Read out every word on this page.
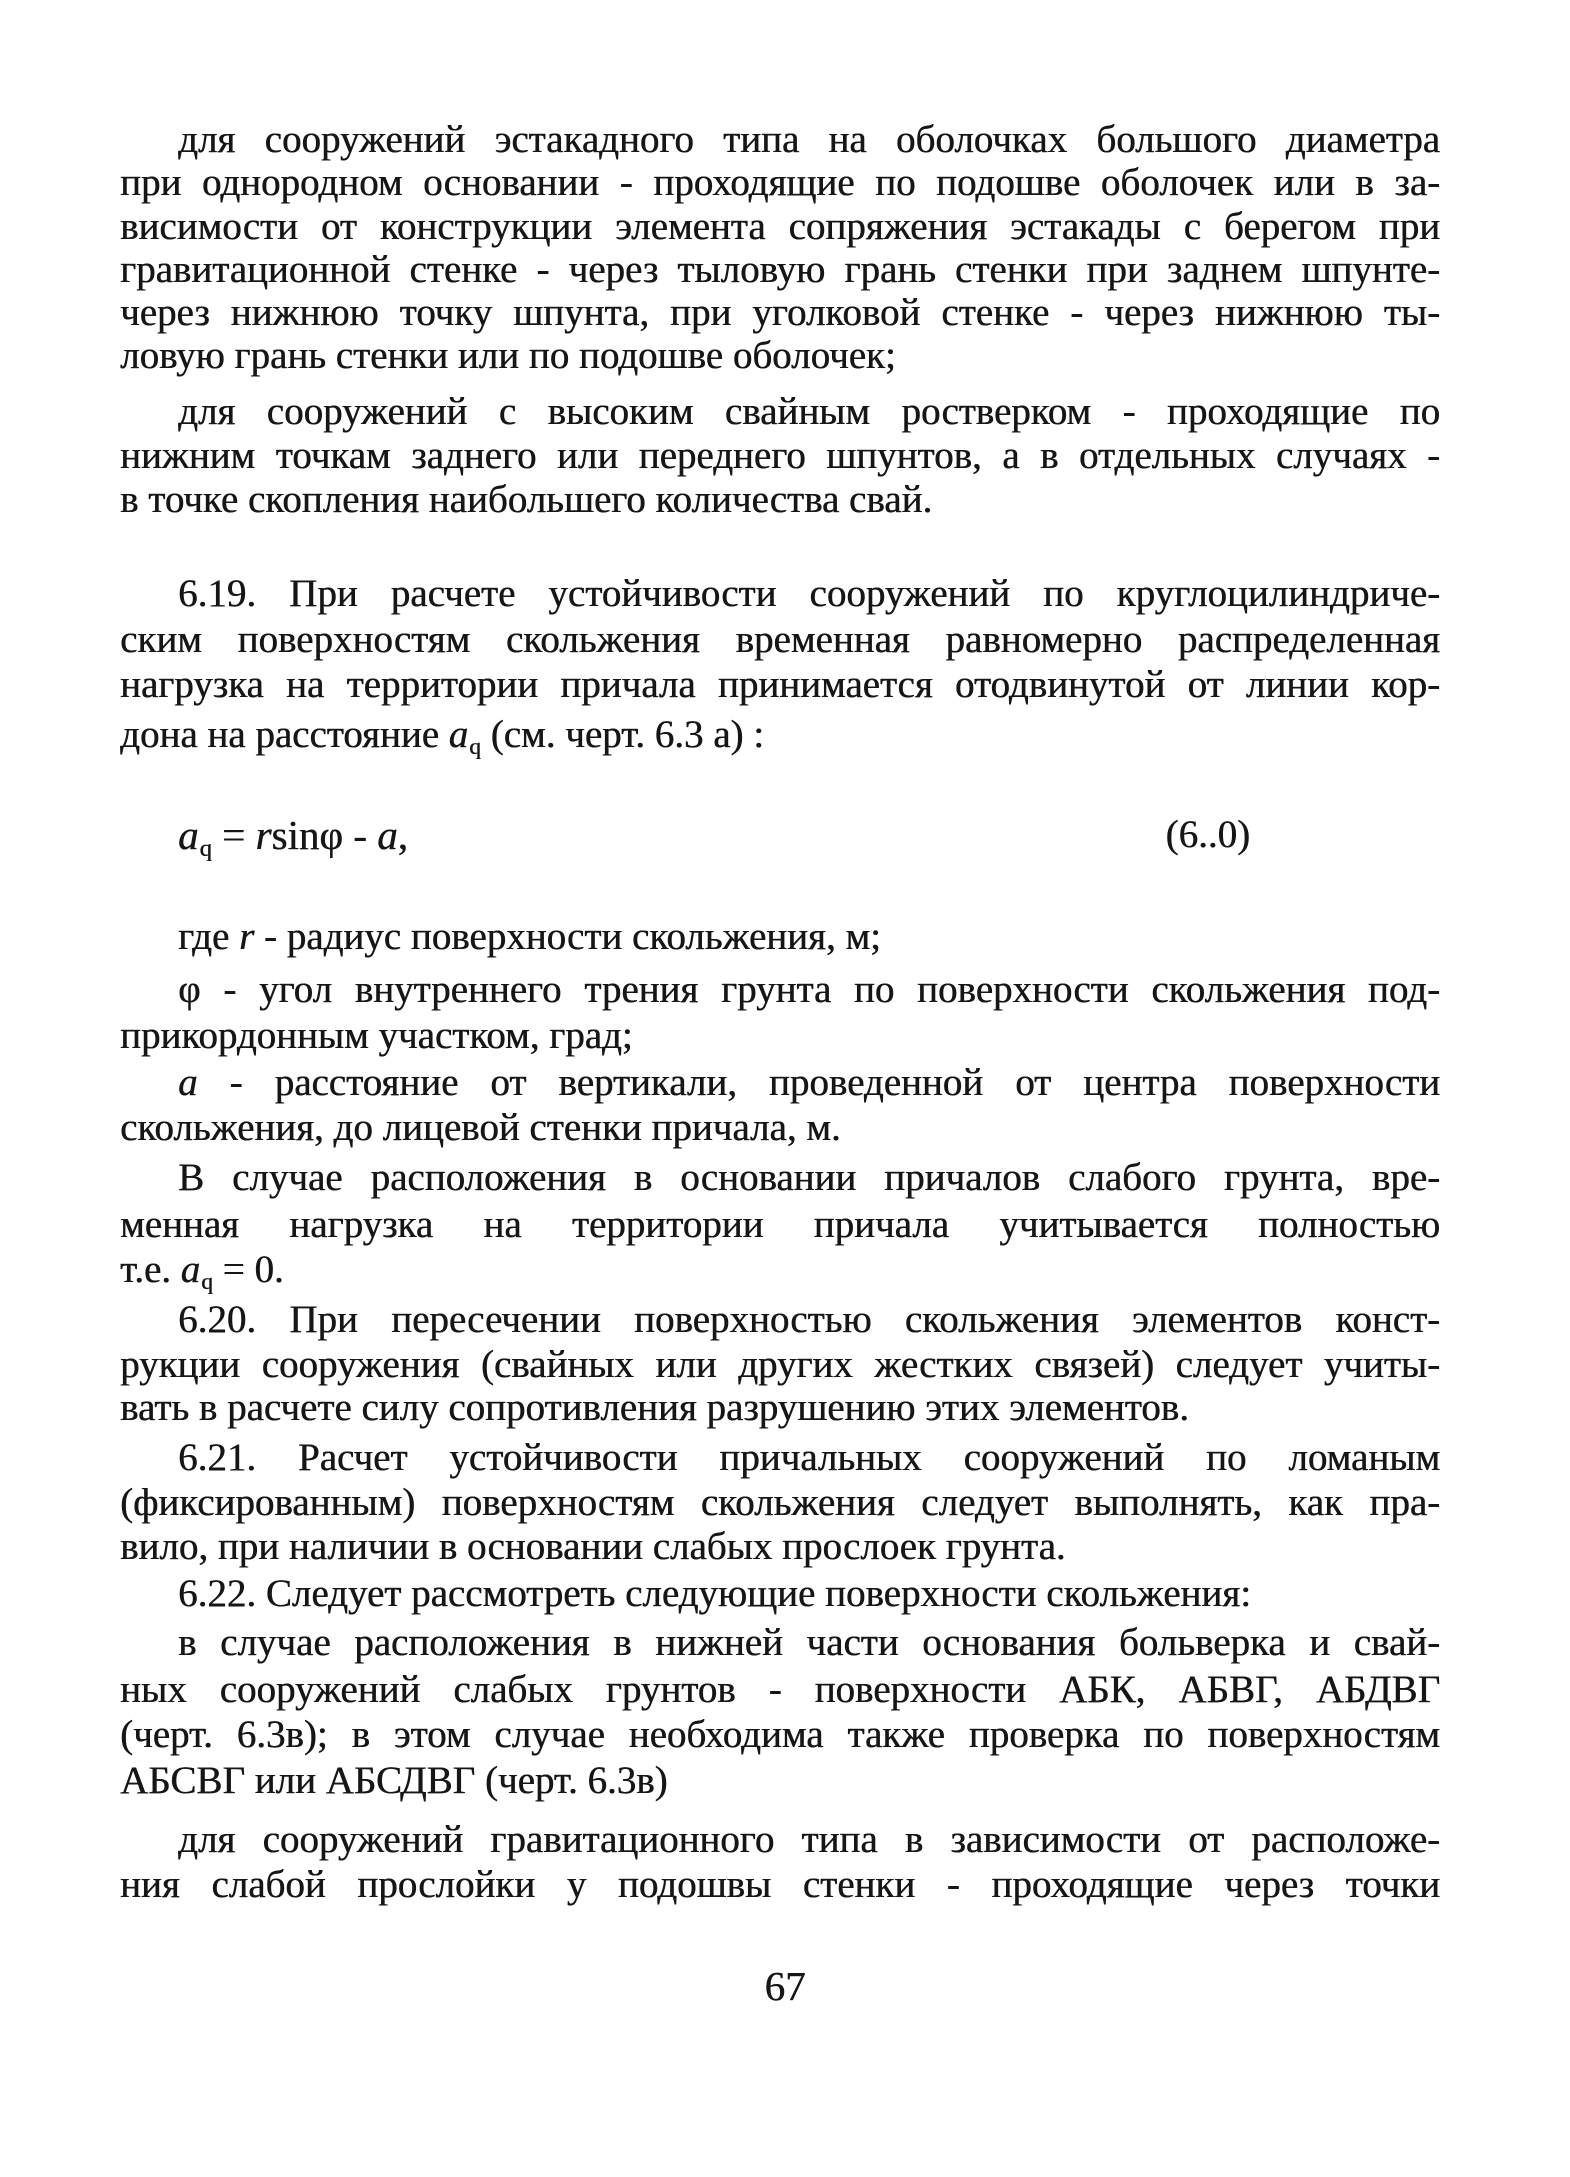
для сооружений эстакадного типа на оболочках большого диаметра
при однородном основании - проходящие по подошве оболочек или в за-
висимости от конструкции элемента сопряжения эстакады с берегом при
гравитационной стенке - через тыловую грань стенки при заднем шпунте-
через нижнюю точку шпунта, при уголковой стенке - через нижнюю ты-
ловую грань стенки или по подошве оболочек;
для сооружений с высоким свайным ростверком - проходящие по
нижним точкам заднего или переднего шпунтов, а в отдельных случаях -
в точке скопления наибольшего количества свай.
6.19. При расчете устойчивости сооружений по круглоцилиндриче-
ским поверхностям скольжения временная равномерно распределенная
нагрузка на территории причала принимается отодвинутой от линии кор-
дона на расстояние aq (см. черт. 6.3 а) :
aq = rsinφ - a,	(6..0)
где r - радиус поверхности скольжения, м;
φ - угол внутреннего трения грунта по поверхности скольжения под-
прикордонным участком, град;
a - расстояние от вертикали, проведенной от центра поверхности
скольжения, до лицевой стенки причала, м.
В случае расположения в основании причалов слабого грунта, вре-
менная нагрузка на территории причала учитывается полностью
т.е. aq = 0.
6.20. При пересечении поверхностью скольжения элементов конст-
рукции сооружения (свайных или других жестких связей) следует учиты-
вать в расчете силу сопротивления разрушению этих элементов.
6.21. Расчет устойчивости причальных сооружений по ломаным
(фиксированным) поверхностям скольжения следует выполнять, как пра-
вило, при наличии в основании слабых прослоек грунта.
6.22. Следует рассмотреть следующие поверхности скольжения:
в случае расположения в нижней части основания больверка и свай-
ных сооружений слабых грунтов - поверхности АБК, АБВГ, АБДВГ
(черт. 6.3в); в этом случае необходима также проверка по поверхностям
АБСВГ или АБСДВГ (черт. 6.3в)
для сооружений гравитационного типа в зависимости от расположе-
ния слабой прослойки у подошвы стенки - проходящие через точки
67
